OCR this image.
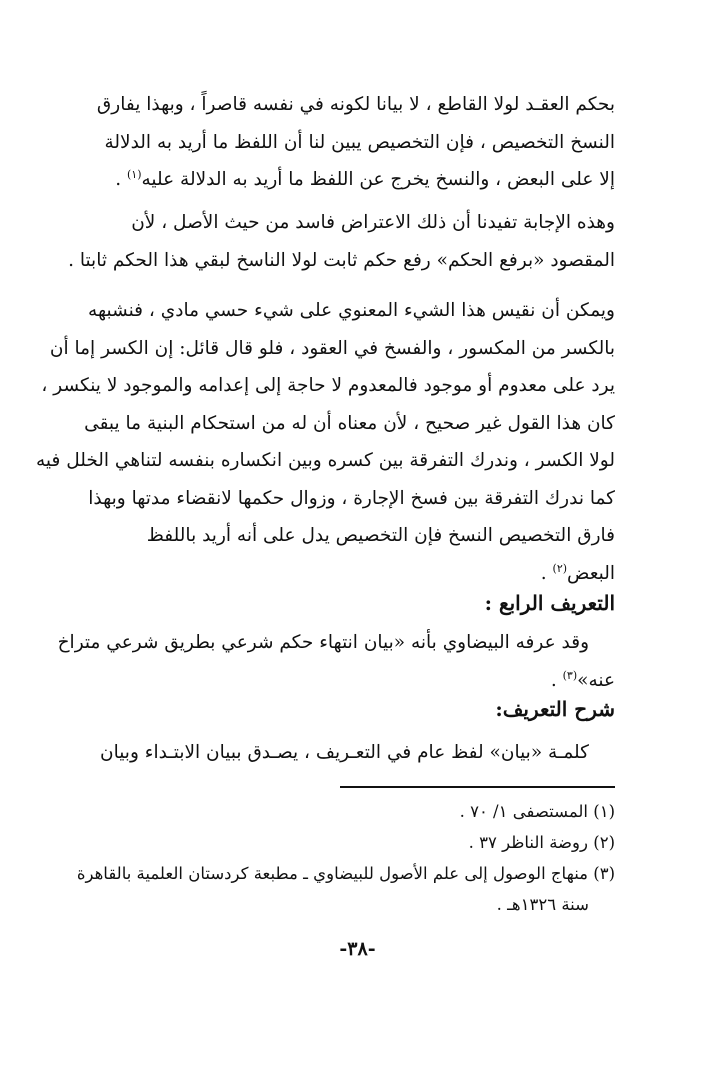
بحكم العقـد لولا القاطع ، لا بيانا لكونه في نفسه قاصراً ، وبهذا يفارق
النسخ التخصيص ، فإن التخصيص يبين لنا أن اللفظ ما أريد به الدلالة
إلا على البعض ، والنسخ يخرج عن اللفظ ما أريد به الدلالة عليه$^{(١)}$ .

وهذه الإجابة تفيدنا أن ذلك الاعتراض فاسد من حيث الأصل ، لأن
المقصود «برفع الحكم» رفع حكم ثابت لولا الناسخ لبقي هذا الحكم ثابتا .

ويمكن أن نقيس هذا الشيء المعنوي على شيء حسي مادي ، فنشبهه
بالكسر من المكسور ، والفسخ في العقود ، فلو قال قائل: إن الكسر إما أن
يرد على معدوم أو موجود فالمعدوم لا حاجة إلى إعدامه والموجود لا ينكسر ،
كان هذا القول غير صحيح ، لأن معناه أن له من استحكام البنية ما يبقى
لولا الكسر ، وندرك التفرقة بين كسره وبين انكساره بنفسه لتناهي الخلل فيه
كما ندرك التفرقة بين فسخ الإجارة ، وزوال حكمها لانقضاء مدتها وبهذا
فارق التخصيص النسخ فإن التخصيص يدل على أنه أريد باللفظ
البعض$^{(٢)}$ .

التعريف الرابع :

وقد عرفه البيضاوي بأنه «بيان انتهاء حكم شرعي بطريق شرعي متراخ
عنه»$^{(٣)}$ .

شرح التعريف:

كلمـة «بيان» لفظ عام في التعـريف ، يصـدق ببيان الابتـداء وبيان

(١) المستصفى ١/ ٧٠ .

(٢) روضة الناظر ٣٧ .

(٣) منهاج الوصول إلى علم الأصول للبيضاوي ـ مطبعة كردستان العلمية بالقاهرة

سنة ١٣٢٦هـ .

-٣٨-
